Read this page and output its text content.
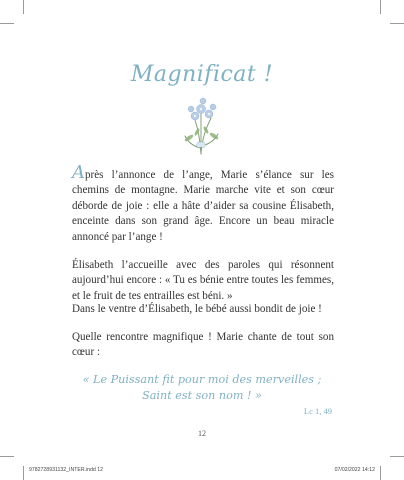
Magnificat !
Après l’annonce de l’ange, Marie s’élance sur les chemins de montagne. Marie marche vite et son cœur déborde de joie : elle a hâte d’aider sa cousine Élisabeth, enceinte dans son grand âge. Encore un beau miracle annoncé par l’ange !
Élisabeth l’accueille avec des paroles qui résonnent aujourd’hui encore : « Tu es bénie entre toutes les femmes, et le fruit de tes entrailles est béni. »
Dans le ventre d’Élisabeth, le bébé aussi bondit de joie !
Quelle rencontre magnifique ! Marie chante de tout son cœur :
« Le Puissant fit pour moi des merveilles ;
Saint est son nom ! »
Lc 1, 49
12
9782728931132_INTER.indd 12	07/02/2022 14:12
